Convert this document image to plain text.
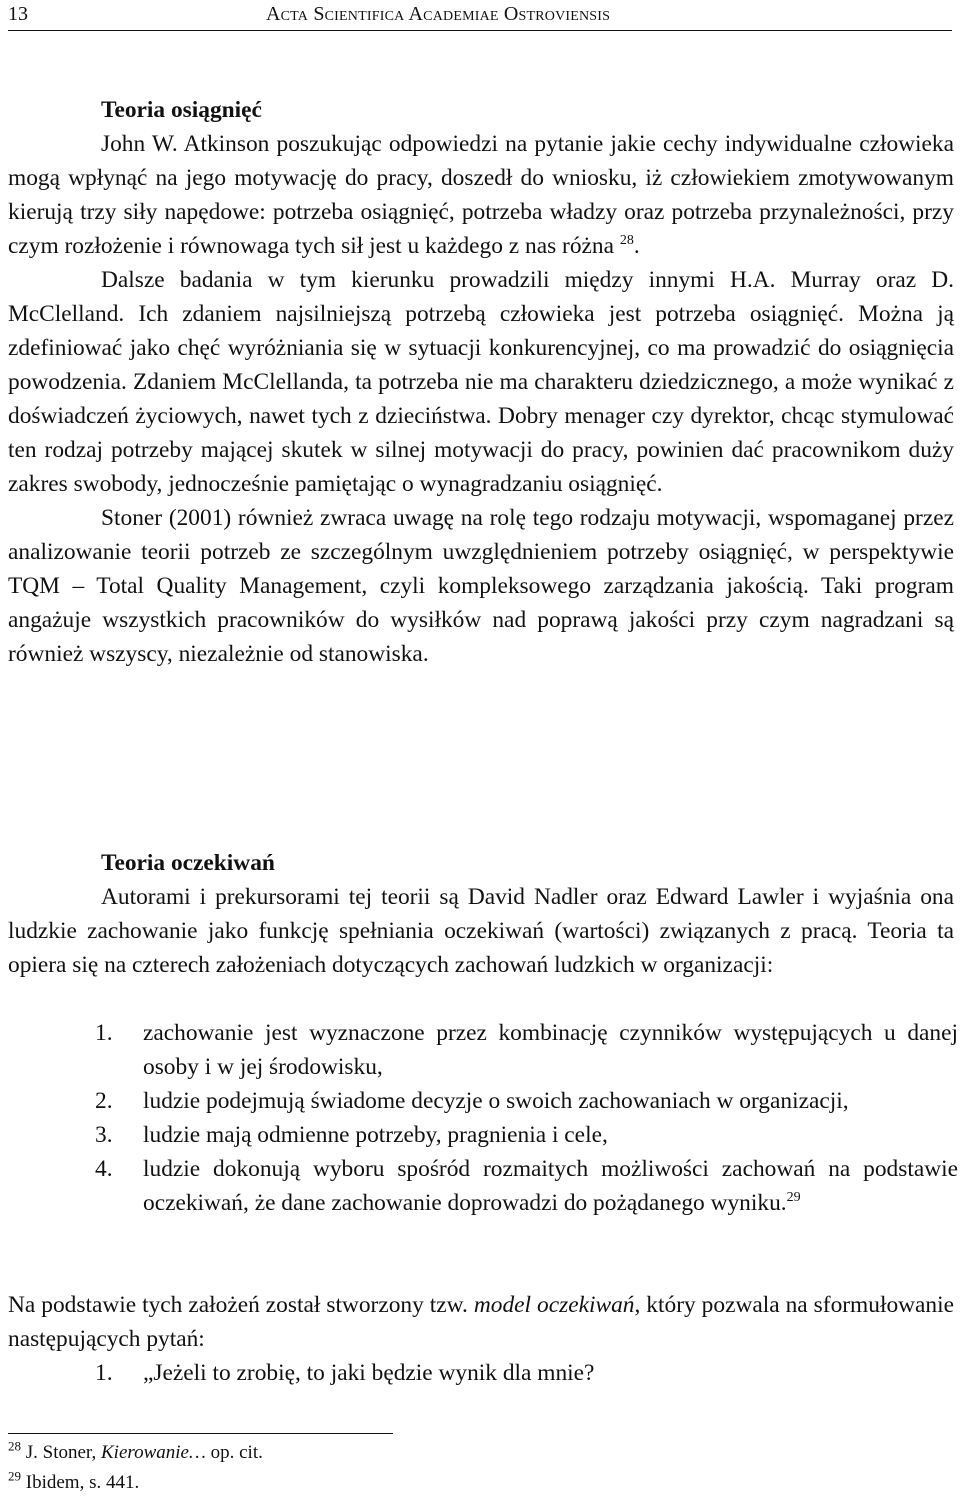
13	Acta Scientifica Academiae Ostroviensis
Teoria osiągnięć
John W. Atkinson poszukując odpowiedzi na pytanie jakie cechy indywidualne człowieka mogą wpłynąć na jego motywację do pracy, doszedł do wniosku, iż człowiekiem zmotywowanym kierują trzy siły napędowe: potrzeba osiągnięć, potrzeba władzy oraz potrzeba przynależności, przy czym rozłożenie i równowaga tych sił jest u każdego z nas różna $^{28}$.
Dalsze badania w tym kierunku prowadzili między innymi H.A. Murray oraz D. McClelland. Ich zdaniem najsilniejszą potrzebą człowieka jest potrzeba osiągnięć. Można ją zdefiniować jako chęć wyróżniania się w sytuacji konkurencyjnej, co ma prowadzić do osiągnięcia powodzenia. Zdaniem McClellanda, ta potrzeba nie ma charakteru dziedzicznego, a może wynikać z doświadczeń życiowych, nawet tych z dzieciństwa. Dobry menager czy dyrektor, chcąc stymulować ten rodzaj potrzeby mającej skutek w silnej motywacji do pracy, powinien dać pracownikom duży zakres swobody, jednocześnie pamiętając o wynagradzaniu osiągnięć.
Stoner (2001) również zwraca uwagę na rolę tego rodzaju motywacji, wspomaganej przez analizowanie teorii potrzeb ze szczególnym uwzględnieniem potrzeby osiągnięć, w perspektywie TQM – Total Quality Management, czyli kompleksowego zarządzania jakością. Taki program angażuje wszystkich pracowników do wysiłków nad poprawą jakości przy czym nagradzani są również wszyscy, niezależnie od stanowiska.
Teoria oczekiwań
Autorami i prekursorami tej teorii są David Nadler oraz Edward Lawler i wyjaśnia ona ludzkie zachowanie jako funkcję spełniania oczekiwań (wartości) związanych z pracą. Teoria ta opiera się na czterech założeniach dotyczących zachowań ludzkich w organizacji:
1. zachowanie jest wyznaczone przez kombinację czynników występujących u danej osoby i w jej środowisku,
2. ludzie podejmują świadome decyzje o swoich zachowaniach w organizacji,
3. ludzie mają odmienne potrzeby, pragnienia i cele,
4. ludzie dokonują wyboru spośród rozmaitych możliwości zachowań na podstawie oczekiwań, że dane zachowanie doprowadzi do pożądanego wyniku.$^{29}$
Na podstawie tych założeń został stworzony tzw. model oczekiwań, który pozwala na sformułowanie następujących pytań:
1. „Jeżeli to zrobię, to jaki będzie wynik dla mnie?
$^{28}$ J. Stoner, Kierowanie… op. cit.
$^{29}$ Ibidem, s. 441.
